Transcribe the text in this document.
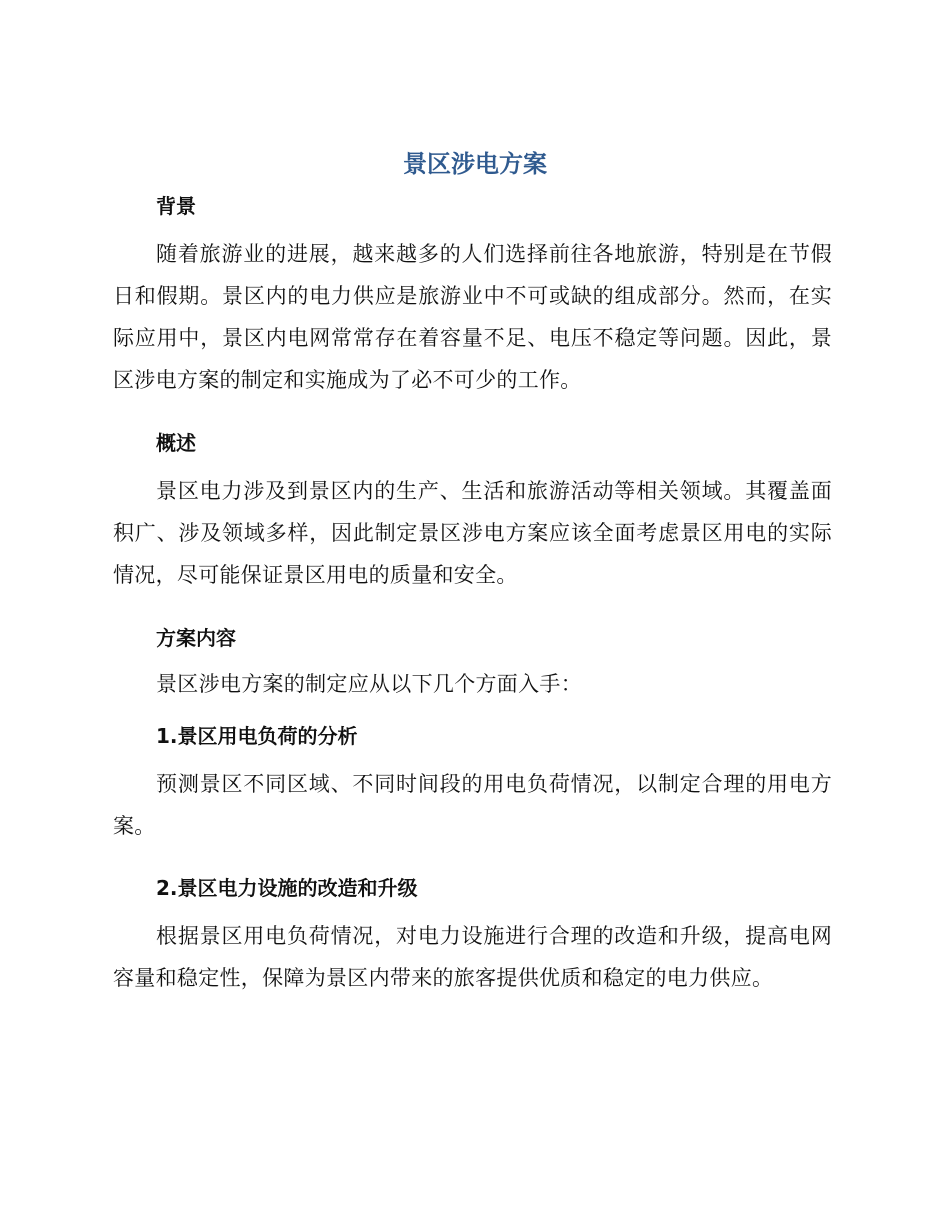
景区涉电方案
背景

随着旅游业的进展，越来越多的人们选择前往各地旅游，特别是在节假日和假期。景区内的电力供应是旅游业中不可或缺的组成部分。然而，在实际应用中，景区内电网常常存在着容量不足、电压不稳定等问题。因此，景区涉电方案的制定和实施成为了必不可少的工作。

概述

景区电力涉及到景区内的生产、生活和旅游活动等相关领域。其覆盖面积广、涉及领域多样，因此制定景区涉电方案应该全面考虑景区用电的实际情况，尽可能保证景区用电的质量和安全。

方案内容

景区涉电方案的制定应从以下几个方面入手：

1.景区用电负荷的分析

预测景区不同区域、不同时间段的用电负荷情况，以制定合理的用电方案。

2.景区电力设施的改造和升级

根据景区用电负荷情况，对电力设施进行合理的改造和升级，提高电网容量和稳定性，保障为景区内带来的旅客提供优质和稳定的电力供应。
